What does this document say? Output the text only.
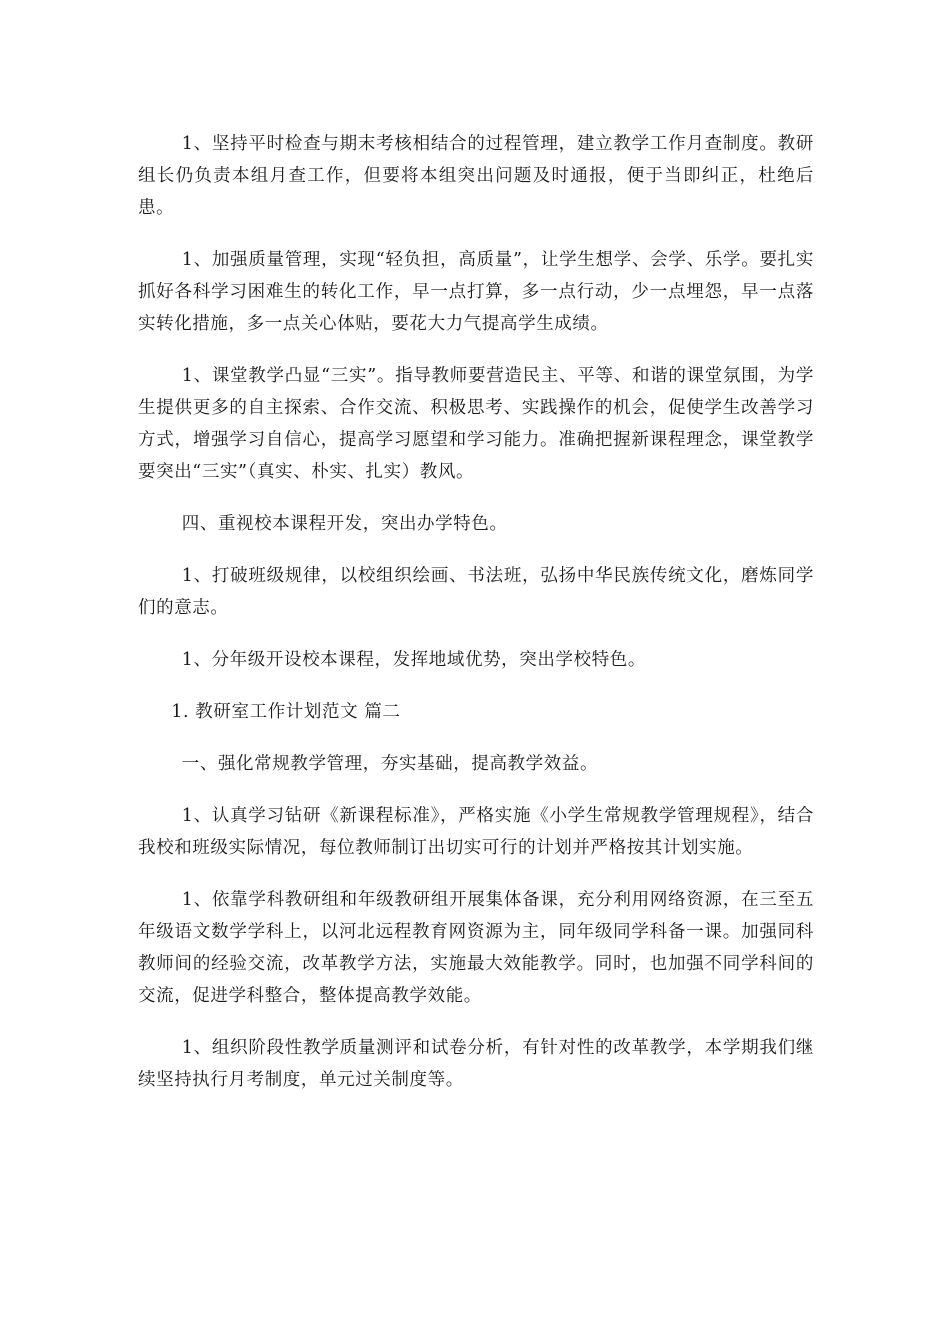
1、坚持平时检查与期末考核相结合的过程管理，建立教学工作月查制度。教研组长仍负责本组月查工作，但要将本组突出问题及时通报，便于当即纠正，杜绝后患。

1、加强质量管理，实现“轻负担，高质量”，让学生想学、会学、乐学。要扎实抓好各科学习困难生的转化工作，早一点打算，多一点行动，少一点埋怨，早一点落实转化措施，多一点关心体贴，要花大力气提高学生成绩。

1、课堂教学凸显“三实”。指导教师要营造民主、平等、和谐的课堂氛围，为学生提供更多的自主探索、合作交流、积极思考、实践操作的机会，促使学生改善学习方式，增强学习自信心，提高学习愿望和学习能力。准确把握新课程理念，课堂教学要突出“三实”（真实、朴实、扎实）教风。

四、重视校本课程开发，突出办学特色。

1、打破班级规律，以校组织绘画、书法班，弘扬中华民族传统文化，磨炼同学们的意志。

1、分年级开设校本课程，发挥地域优势，突出学校特色。

1. 教研室工作计划范文 篇二

一、强化常规教学管理，夯实基础，提高教学效益。

1、认真学习钻研《新课程标准》，严格实施《小学生常规教学管理规程》，结合我校和班级实际情况，每位教师制订出切实可行的计划并严格按其计划实施。

1、依靠学科教研组和年级教研组开展集体备课，充分利用网络资源，在三至五年级语文数学学科上，以河北远程教育网资源为主，同年级同学科备一课。加强同科教师间的经验交流，改革教学方法，实施最大效能教学。同时，也加强不同学科间的交流，促进学科整合，整体提高教学效能。

1、组织阶段性教学质量测评和试卷分析，有针对性的改革教学，本学期我们继续坚持执行月考制度，单元过关制度等。
